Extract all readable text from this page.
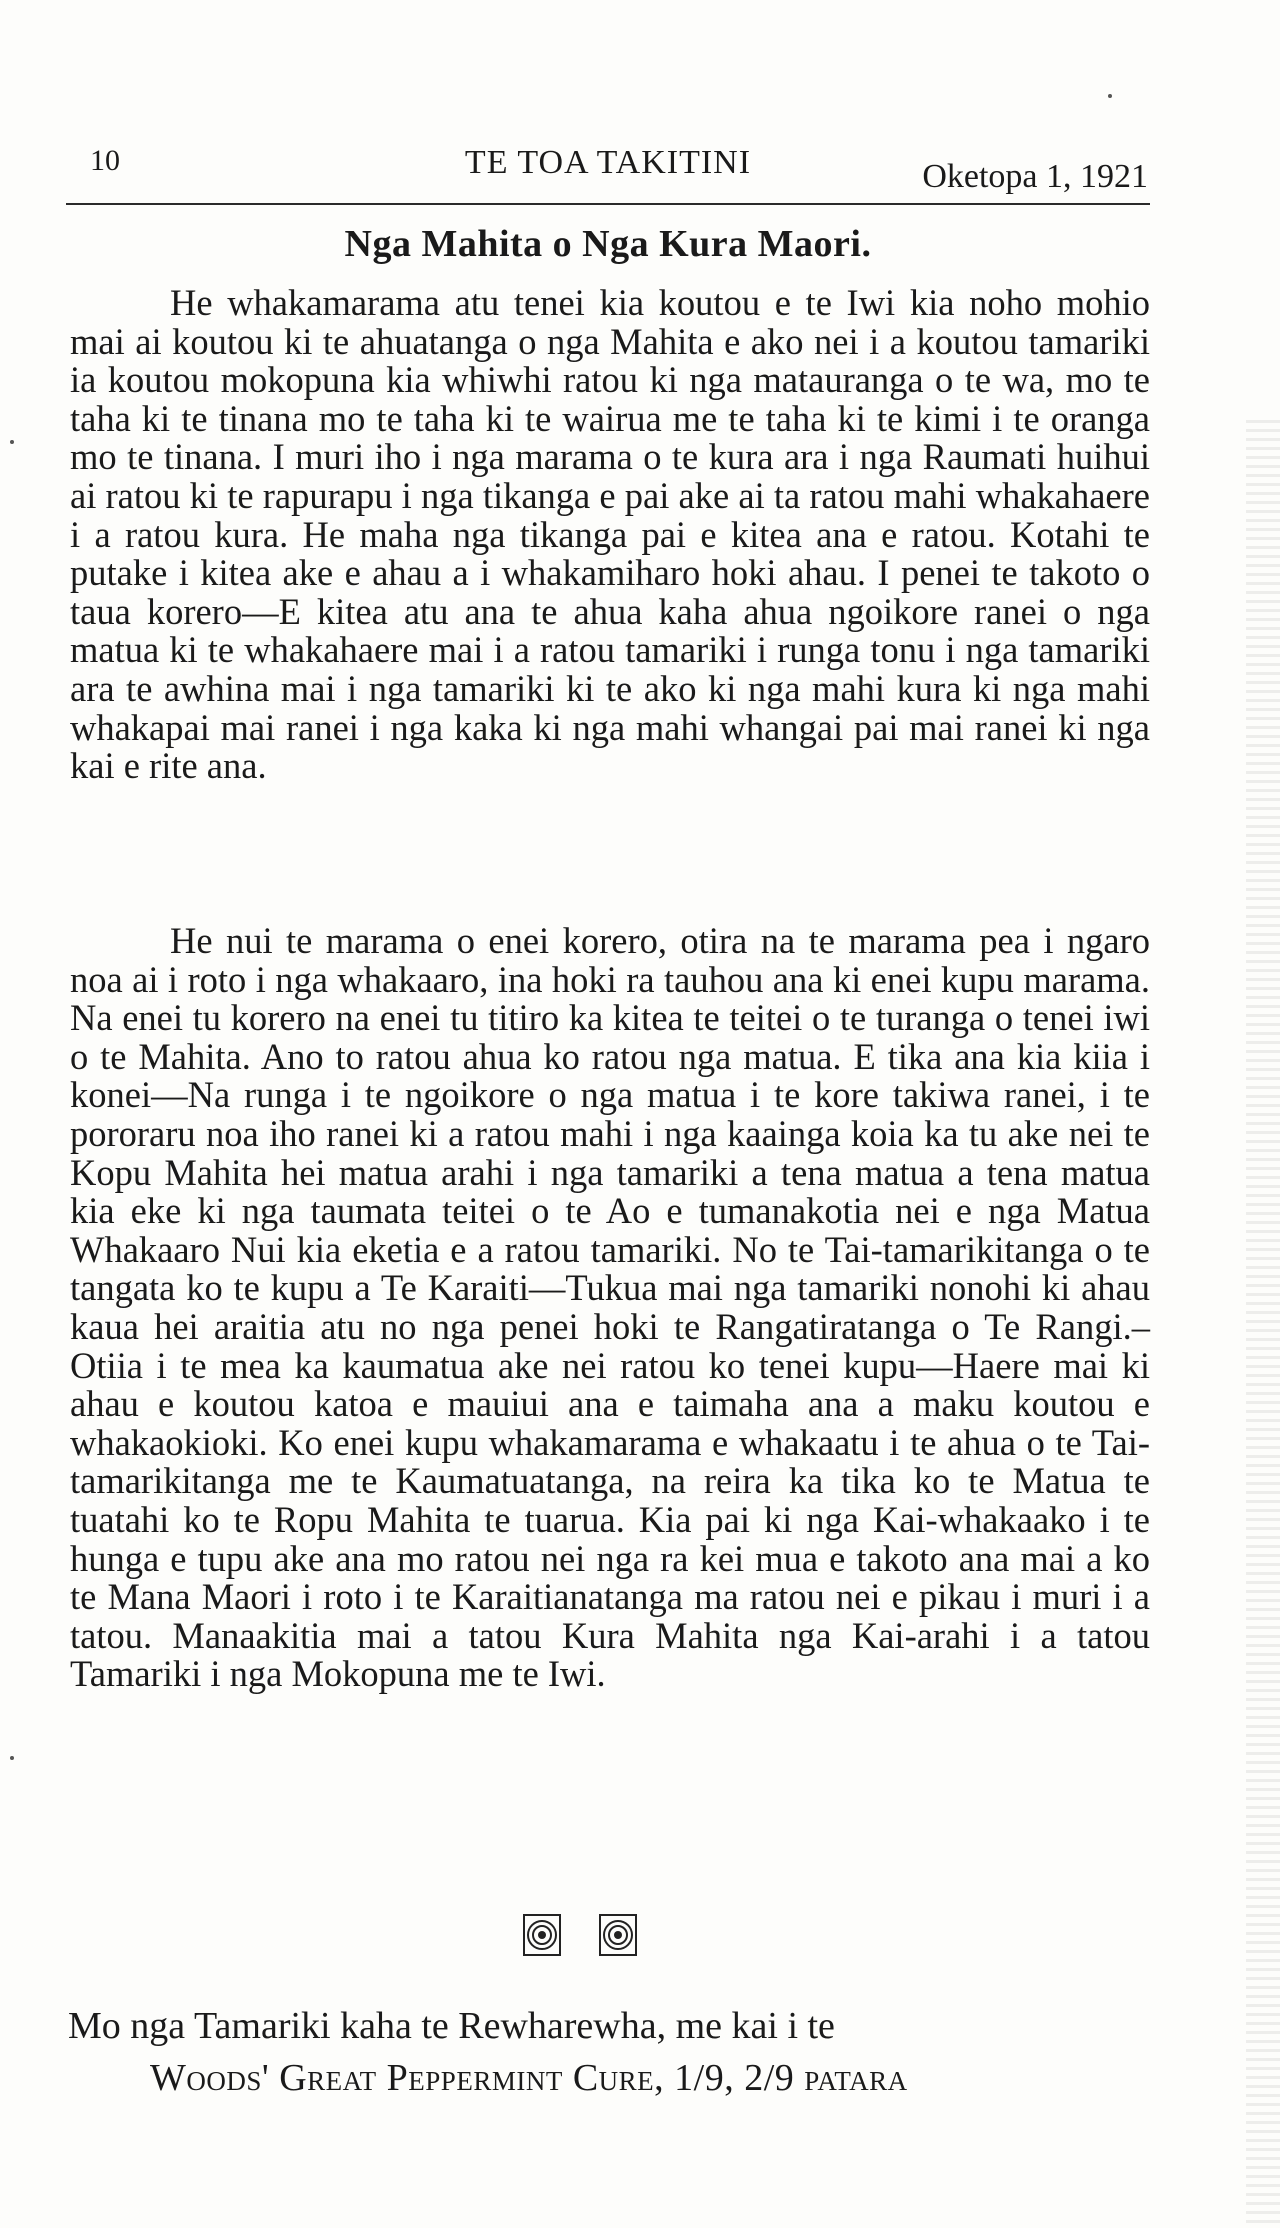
10	TE TOA TAKITINI	Oketopa 1, 1921
Nga Mahita o Nga Kura Maori.

He whakamarama atu tenei kia koutou e te Iwi kia noho mohio mai ai koutou ki te ahuatanga o nga Mahita e ako nei i a koutou tamariki ia koutou mokopuna kia whiwhi ratou ki nga matauranga o te wa, mo te taha ki te tinana mo te taha ki te wairua me te taha ki te kimi i te oranga mo te tinana. I muri iho i nga marama o te kura ara i nga Raumati huihui ai ratou ki te rapurapu i nga tikanga e pai ake ai ta ratou mahi whakahaere i a ratou kura. He maha nga tikanga pai e kitea ana e ratou. Kotahi te putake i kitea ake e ahau a i whakamiharo hoki ahau. I penei te takoto o taua korero—E kitea atu ana te ahua kaha ahua ngoikore ranei o nga matua ki te whakahaere mai i a ratou tamariki i runga tonu i nga tamariki ara te awhina mai i nga tamariki ki te ako ki nga mahi kura ki nga mahi whakapai mai ranei i nga kaka ki nga mahi whangai pai mai ranei ki nga kai e rite ana.

He nui te marama o enei korero, otira na te marama pea i ngaro noa ai i roto i nga whakaaro, ina hoki ra tauhou ana ki enei kupu marama. Na enei tu korero na enei tu titiro ka kitea te teitei o te turanga o tenei iwi o te Mahita. Ano to ratou ahua ko ratou nga matua. E tika ana kia kiia i konei—Na runga i te ngoikore o nga matua i te kore takiwa ranei, i te pororaru noa iho ranei ki a ratou mahi i nga kaainga koia ka tu ake nei te Kopu Mahita hei matua arahi i nga tamariki a tena matua a tena matua kia eke ki nga taumata teitei o te Ao e tumanakotia nei e nga Matua Whakaaro Nui kia eketia e a ratou tamariki. No te Tai-tamarikitanga o te tangata ko te kupu a Te Karaiti—Tukua mai nga tamariki nonohi ki ahau kaua hei araitia atu no nga penei hoki te Rangatiratanga o Te Rangi.– Otiia i te mea ka kaumatua ake nei ratou ko tenei kupu—Haere mai ki ahau e koutou katoa e mauiui ana e taimaha ana a maku koutou e whakaokioki. Ko enei kupu whakamarama e whakaatu i te ahua o te Tai-tamarikitanga me te Kaumatuatanga, na reira ka tika ko te Matua te tuatahi ko te Ropu Mahita te tuarua. Kia pai ki nga Kai-whakaako i te hunga e tupu ake ana mo ratou nei nga ra kei mua e takoto ana mai a ko te Mana Maori i roto i te Karaitianatanga ma ratou nei e pikau i muri i a tatou. Manaakitia mai a tatou Kura Mahita nga Kai-arahi i a tatou Tamariki i nga Mokopuna me te Iwi.

Mo nga Tamariki kaha te Rewharewha, me kai i te
Woods' Great Peppermint Cure, 1/9, 2/9 patara
